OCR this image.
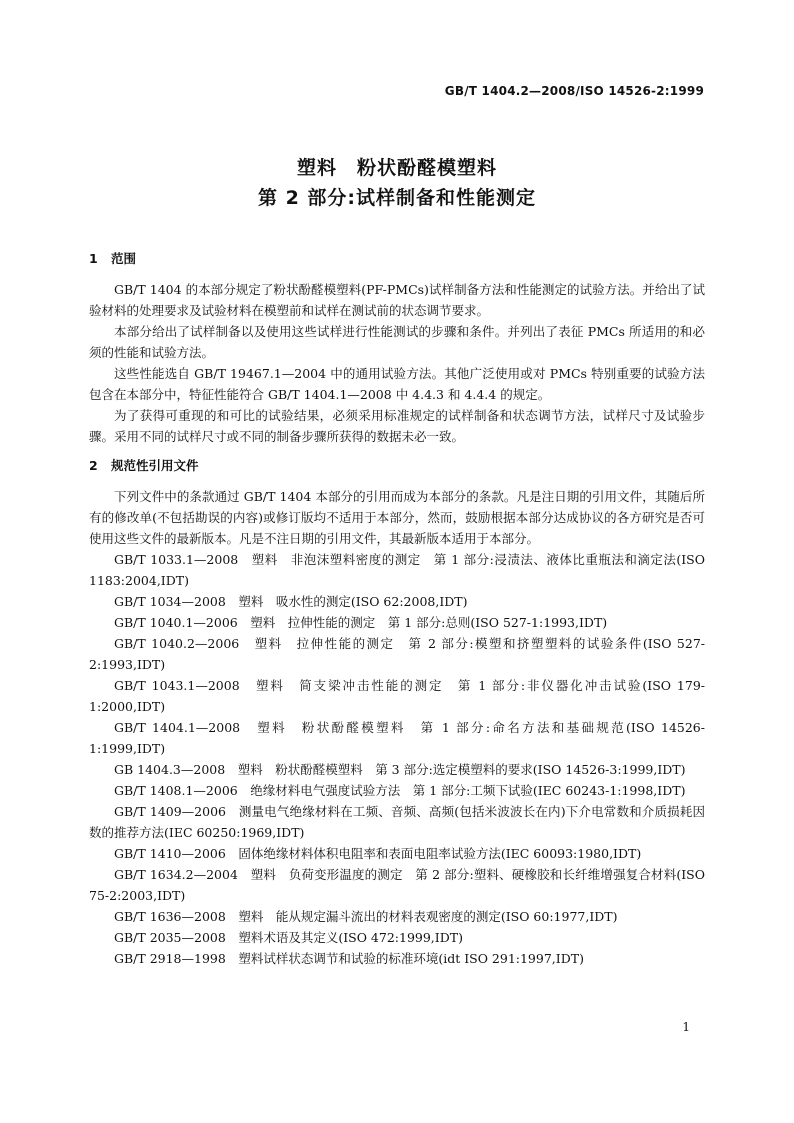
GB/T 1404.2—2008/ISO 14526-2:1999
塑料　粉状酚醛模塑料
第 2 部分:试样制备和性能测定
1 范围

GB/T 1404 的本部分规定了粉状酚醛模塑料(PF-PMCs)试样制备方法和性能测定的试验方法。并给出了试验材料的处理要求及试验材料在模塑前和试样在测试前的状态调节要求。

本部分给出了试样制备以及使用这些试样进行性能测试的步骤和条件。并列出了表征 PMCs 所适用的和必须的性能和试验方法。

这些性能选自 GB/T 19467.1—2004 中的通用试验方法。其他广泛使用或对 PMCs 特别重要的试验方法包含在本部分中，特征性能符合 GB/T 1404.1—2008 中 4.4.3 和 4.4.4 的规定。

为了获得可重现的和可比的试验结果，必须采用标准规定的试样制备和状态调节方法，试样尺寸及试验步骤。采用不同的试样尺寸或不同的制备步骤所获得的数据未必一致。

2 规范性引用文件

下列文件中的条款通过 GB/T 1404 本部分的引用而成为本部分的条款。凡是注日期的引用文件，其随后所有的修改单(不包括勘误的内容)或修订版均不适用于本部分，然而，鼓励根据本部分达成协议的各方研究是否可使用这些文件的最新版本。凡是不注日期的引用文件，其最新版本适用于本部分。

GB/T 1033.1—2008　塑料　非泡沫塑料密度的测定　第 1 部分:浸渍法、液体比重瓶法和滴定法(ISO 1183:2004,IDT)

GB/T 1034—2008　塑料　吸水性的测定(ISO 62:2008,IDT)

GB/T 1040.1—2006　塑料　拉伸性能的测定　第 1 部分:总则(ISO 527-1:1993,IDT)

GB/T 1040.2—2006　塑料　拉伸性能的测定　第 2 部分:模塑和挤塑塑料的试验条件(ISO 527-2:1993,IDT)

GB/T 1043.1—2008　塑料　简支梁冲击性能的测定　第 1 部分:非仪器化冲击试验(ISO 179-1:2000,IDT)

GB/T 1404.1—2008　塑料　粉状酚醛模塑料　第 1 部分:命名方法和基础规范(ISO 14526-1:1999,IDT)

GB 1404.3—2008　塑料　粉状酚醛模塑料　第 3 部分:选定模塑料的要求(ISO 14526-3:1999,IDT)

GB/T 1408.1—2006　绝缘材料电气强度试验方法　第 1 部分:工频下试验(IEC 60243-1:1998,IDT)

GB/T 1409—2006　测量电气绝缘材料在工频、音频、高频(包括米波波长在内)下介电常数和介质损耗因数的推荐方法(IEC 60250:1969,IDT)

GB/T 1410—2006　固体绝缘材料体积电阻率和表面电阻率试验方法(IEC 60093:1980,IDT)

GB/T 1634.2—2004　塑料　负荷变形温度的测定　第 2 部分:塑料、硬橡胶和长纤维增强复合材料(ISO 75-2:2003,IDT)

GB/T 1636—2008　塑料　能从规定漏斗流出的材料表观密度的测定(ISO 60:1977,IDT)

GB/T 2035—2008　塑料术语及其定义(ISO 472:1999,IDT)

GB/T 2918—1998　塑料试样状态调节和试验的标准环境(idt ISO 291:1997,IDT)

1
